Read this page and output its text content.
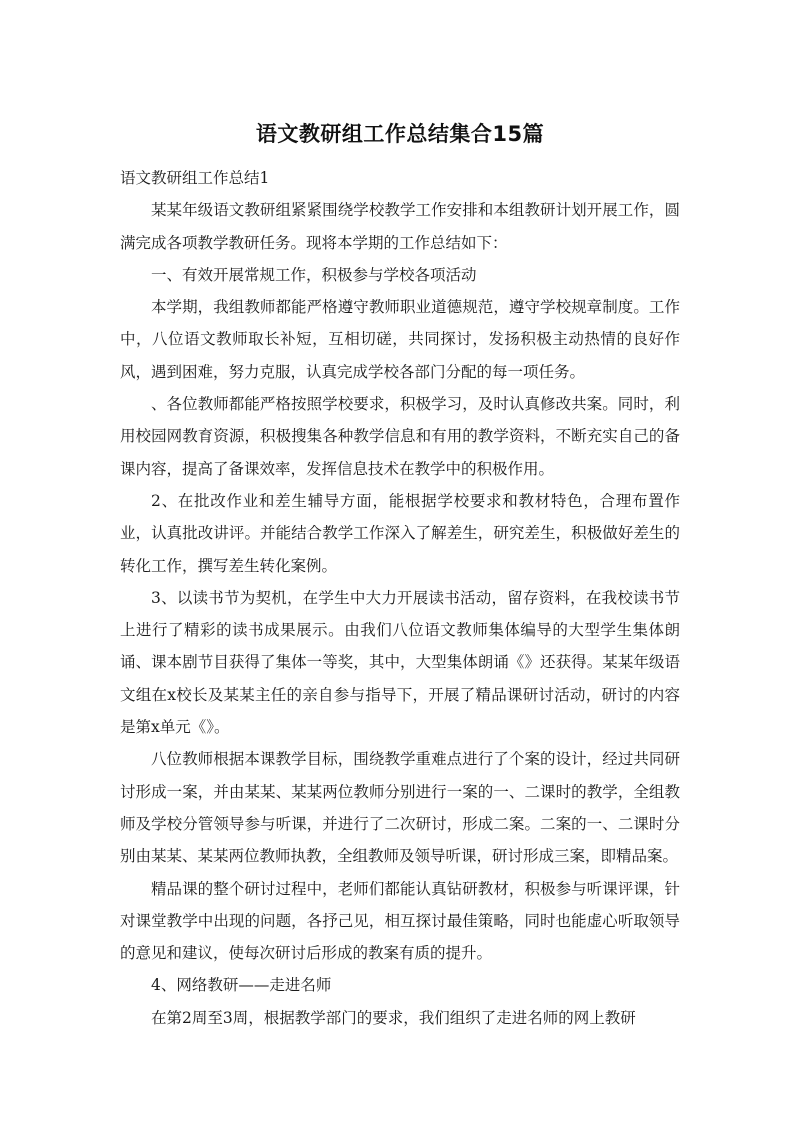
语文教研组工作总结集合15篇

语文教研组工作总结1

某某年级语文教研组紧紧围绕学校教学工作安排和本组教研计划开展工作，圆满完成各项教学教研任务。现将本学期的工作总结如下：

一、有效开展常规工作，积极参与学校各项活动

本学期，我组教师都能严格遵守教师职业道德规范，遵守学校规章制度。工作中，八位语文教师取长补短，互相切磋，共同探讨，发扬积极主动热情的良好作风，遇到困难，努力克服，认真完成学校各部门分配的每一项任务。

、各位教师都能严格按照学校要求，积极学习，及时认真修改共案。同时，利用校园网教育资源，积极搜集各种教学信息和有用的教学资料，不断充实自己的备课内容，提高了备课效率，发挥信息技术在教学中的积极作用。

2、在批改作业和差生辅导方面，能根据学校要求和教材特色，合理布置作业，认真批改讲评。并能结合教学工作深入了解差生，研究差生，积极做好差生的转化工作，撰写差生转化案例。

3、以读书节为契机，在学生中大力开展读书活动，留存资料，在我校读书节上进行了精彩的读书成果展示。由我们八位语文教师集体编导的大型学生集体朗诵、课本剧节目获得了集体一等奖，其中，大型集体朗诵《》还获得。某某年级语文组在x校长及某某主任的亲自参与指导下，开展了精品课研讨活动，研讨的内容是第x单元《》。

八位教师根据本课教学目标，围绕教学重难点进行了个案的设计，经过共同研讨形成一案，并由某某、某某两位教师分别进行一案的一、二课时的教学，全组教师及学校分管领导参与听课，并进行了二次研讨，形成二案。二案的一、二课时分别由某某、某某两位教师执教，全组教师及领导听课，研讨形成三案，即精品案。

精品课的整个研讨过程中，老师们都能认真钻研教材，积极参与听课评课，针对课堂教学中出现的问题，各抒己见，相互探讨最佳策略，同时也能虚心听取领导的意见和建议，使每次研讨后形成的教案有质的提升。

4、网络教研——走进名师

在第2周至3周，根据教学部门的要求，我们组织了走进名师的网上教研
